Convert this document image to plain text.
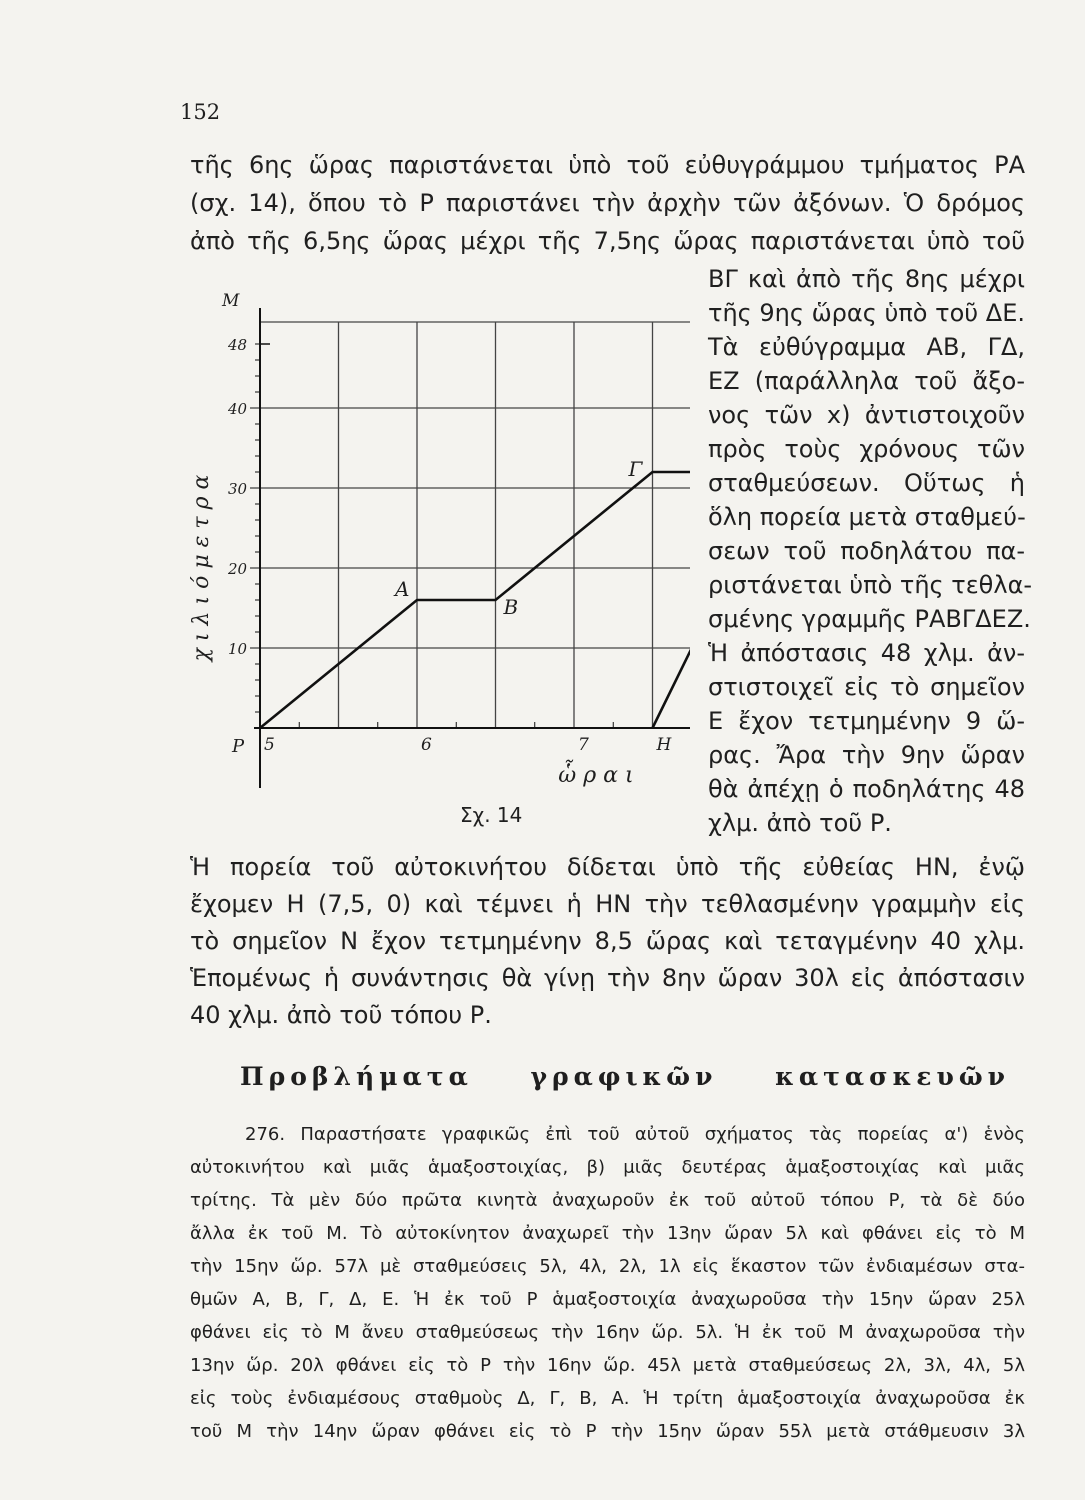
152
τῆς 6ης ὥρας παριστάνεται ὑπὸ τοῦ εὐθυγράμμου τμήματος ΡΑ
(σχ. 14), ὅπου τὸ Ρ παριστάνει τὴν ἀρχὴν τῶν ἀξόνων. Ὁ δρόμος
ἀπὸ τῆς 6,5ης ὥρας μέχρι τῆς 7,5ης ὥρας παριστάνεται ὑπὸ τοῦ
ΒΓ καὶ ἀπὸ τῆς 8ης μέχρι
τῆς 9ης ὥρας ὑπὸ τοῦ ΔΕ.
Τὰ εὐθύγραμμα ΑΒ, ΓΔ,
ΕΖ (παράλληλα τοῦ ἄξο-
νος τῶν x) ἀντιστοιχοῦν
πρὸς τοὺς χρόνους τῶν
σταθμεύσεων. Οὕτως ἡ
ὅλη πορεία μετὰ σταθμεύ-
σεων τοῦ ποδηλάτου πα-
ριστάνεται ὑπὸ τῆς τεθλα-
σμένης γραμμῆς ΡΑΒΓΔΕΖ.
Ἡ ἀπόστασις 48 χλμ. ἀν-
στιστοιχεῖ εἰς τὸ σημεῖον
Ε ἔχον τετμημένην 9 ὥ-
ρας. Ἄρα τὴν 9ην ὥραν
θὰ ἀπέχῃ ὁ ποδηλάτης 48
χλμ. ἀπὸ τοῦ Ρ.
Α
Β
Γ
5	6	7	Η
10
20
30
40
48
Ρ
Μ
ὧ ρ α ι
χ ι λ ι ό μ ε τ ρ α
Σχ. 14
Ἡ πορεία τοῦ αὐτοκινήτου δίδεται ὑπὸ τῆς εὐθείας ΗΝ, ἐνῷ
ἔχομεν Η (7,5, 0) καὶ τέμνει ἡ ΗΝ τὴν τεθλασμένην γραμμὴν εἰς
τὸ σημεῖον Ν ἔχον τετμημένην 8,5 ὥρας καὶ τεταγμένην 40 χλμ.
Ἑπομένως ἡ συνάντησις θὰ γίνῃ τὴν 8ην ὥραν 30λ εἰς ἀπόστασιν
40 χλμ. ἀπὸ τοῦ τόπου Ρ.
Προβλήματα γραφικῶν κατασκευῶν
276. Παραστήσατε γραφικῶς ἐπὶ τοῦ αὐτοῦ σχήματος τὰς πορείας α') ἑνὸς
αὐτοκινήτου καὶ μιᾶς ἁμαξοστοιχίας, β) μιᾶς δευτέρας ἁμαξοστοιχίας καὶ μιᾶς
τρίτης. Τὰ μὲν δύο πρῶτα κινητὰ ἀναχωροῦν ἐκ τοῦ αὐτοῦ τόπου Ρ, τὰ δὲ δύο
ἄλλα ἐκ τοῦ Μ. Τὸ αὐτοκίνητον ἀναχωρεῖ τὴν 13ην ὥραν 5λ καὶ φθάνει εἰς τὸ Μ
τὴν 15ην ὥρ. 57λ μὲ σταθμεύσεις 5λ, 4λ, 2λ, 1λ εἰς ἕκαστον τῶν ἐνδιαμέσων στα-
θμῶν Α, Β, Γ, Δ, Ε. Ἡ ἐκ τοῦ Ρ ἁμαξοστοιχία ἀναχωροῦσα τὴν 15ην ὥραν 25λ
φθάνει εἰς τὸ Μ ἄνευ σταθμεύσεως τὴν 16ην ὥρ. 5λ. Ἡ ἐκ τοῦ Μ ἀναχωροῦσα τὴν
13ην ὥρ. 20λ φθάνει εἰς τὸ Ρ τὴν 16ην ὥρ. 45λ μετὰ σταθμεύσεως 2λ, 3λ, 4λ, 5λ
εἰς τοὺς ἐνδιαμέσους σταθμοὺς Δ, Γ, Β, Α. Ἡ τρίτη ἁμαξοστοιχία ἀναχωροῦσα ἐκ
τοῦ Μ τὴν 14ην ὥραν φθάνει εἰς τὸ Ρ τὴν 15ην ὥραν 55λ μετὰ στάθμευσιν 3λ
